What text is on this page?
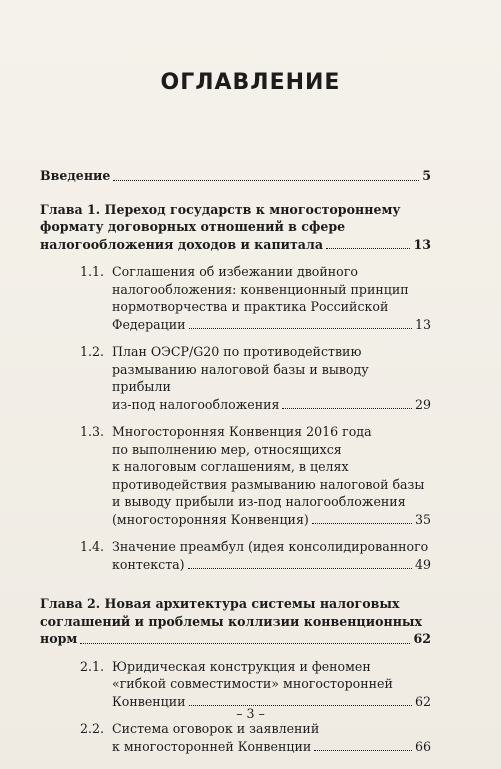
ОГЛАВЛЕНИЕ
Введение	5
Глава 1. Переход государств к многостороннему
формату договорных отношений в сфере
налогообложения доходов и капитала	13
1.1. Соглашения об избежании двойного
налогообложения: конвенционный принцип
нормотворчества и практика Российской
Федерации	13
1.2. План ОЭСР/G20 по противодействию
размыванию налоговой базы и выводу прибыли
из-под налогообложения	29
1.3. Многосторонняя Конвенция 2016 года
по выполнению мер, относящихся
к налоговым соглашениям, в целях
противодействия размыванию налоговой базы
и выводу прибыли из-под налогообложения
(многосторонняя Конвенция)	35
1.4. Значение преамбул (идея консолидированного
контекста)	49
Глава 2. Новая архитектура системы налоговых
соглашений и проблемы коллизии конвенционных
норм	62
2.1. Юридическая конструкция и феномен
«гибкой совместимости» многосторонней
Конвенции	62
2.2. Система оговорок и заявлений
к многосторонней Конвенции	66
– 3 –
